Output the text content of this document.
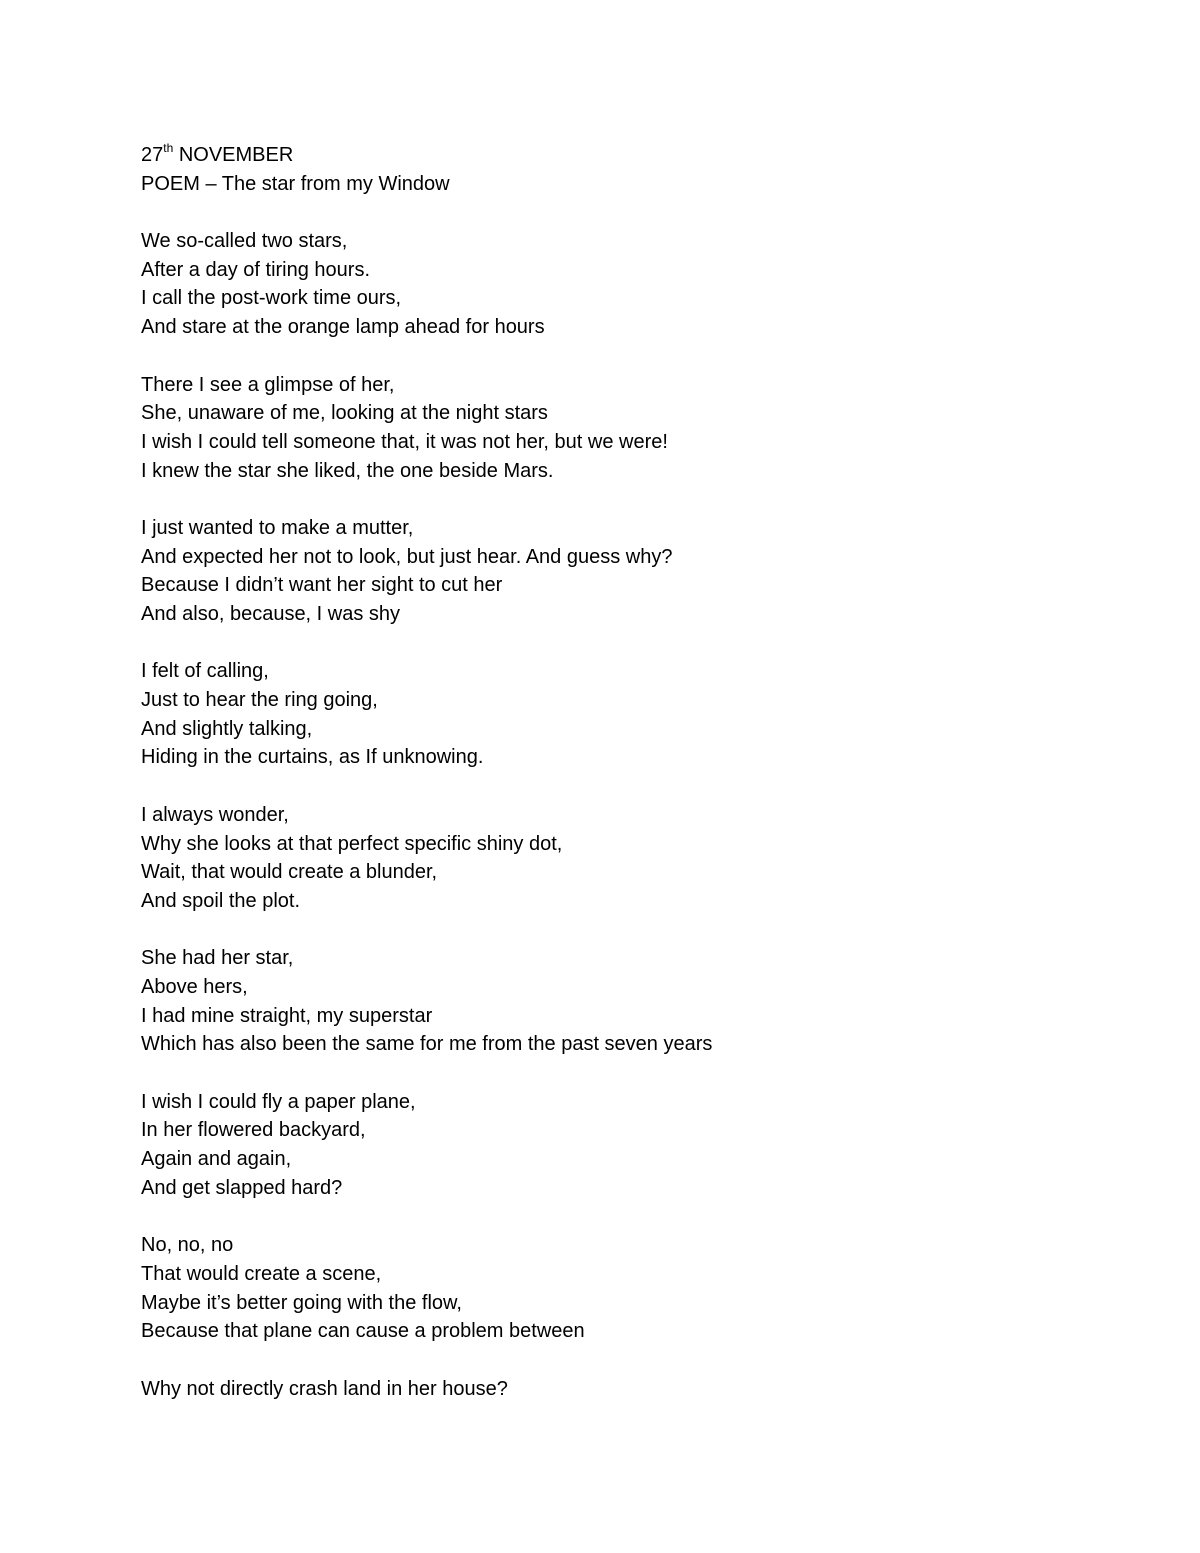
27th NOVEMBER
POEM – The star from my Window
We so-called two stars,
After a day of tiring hours.
I call the post-work time ours,
And stare at the orange lamp ahead for hours
There I see a glimpse of her,
She, unaware of me, looking at the night stars
I wish I could tell someone that, it was not her, but we were!
I knew the star she liked, the one beside Mars.
I just wanted to make a mutter,
And expected her not to look, but just hear. And guess why?
Because I didn’t want her sight to cut her
And also, because, I was shy
I felt of calling,
Just to hear the ring going,
And slightly talking,
Hiding in the curtains, as If unknowing.
I always wonder,
Why she looks at that perfect specific shiny dot,
Wait, that would create a blunder,
And spoil the plot.
She had her star,
Above hers,
I had mine straight, my superstar
Which has also been the same for me from the past seven years
I wish I could fly a paper plane,
In her flowered backyard,
Again and again,
And get slapped hard?
No, no, no
That would create a scene,
Maybe it’s better going with the flow,
Because that plane can cause a problem between
Why not directly crash land in her house?
